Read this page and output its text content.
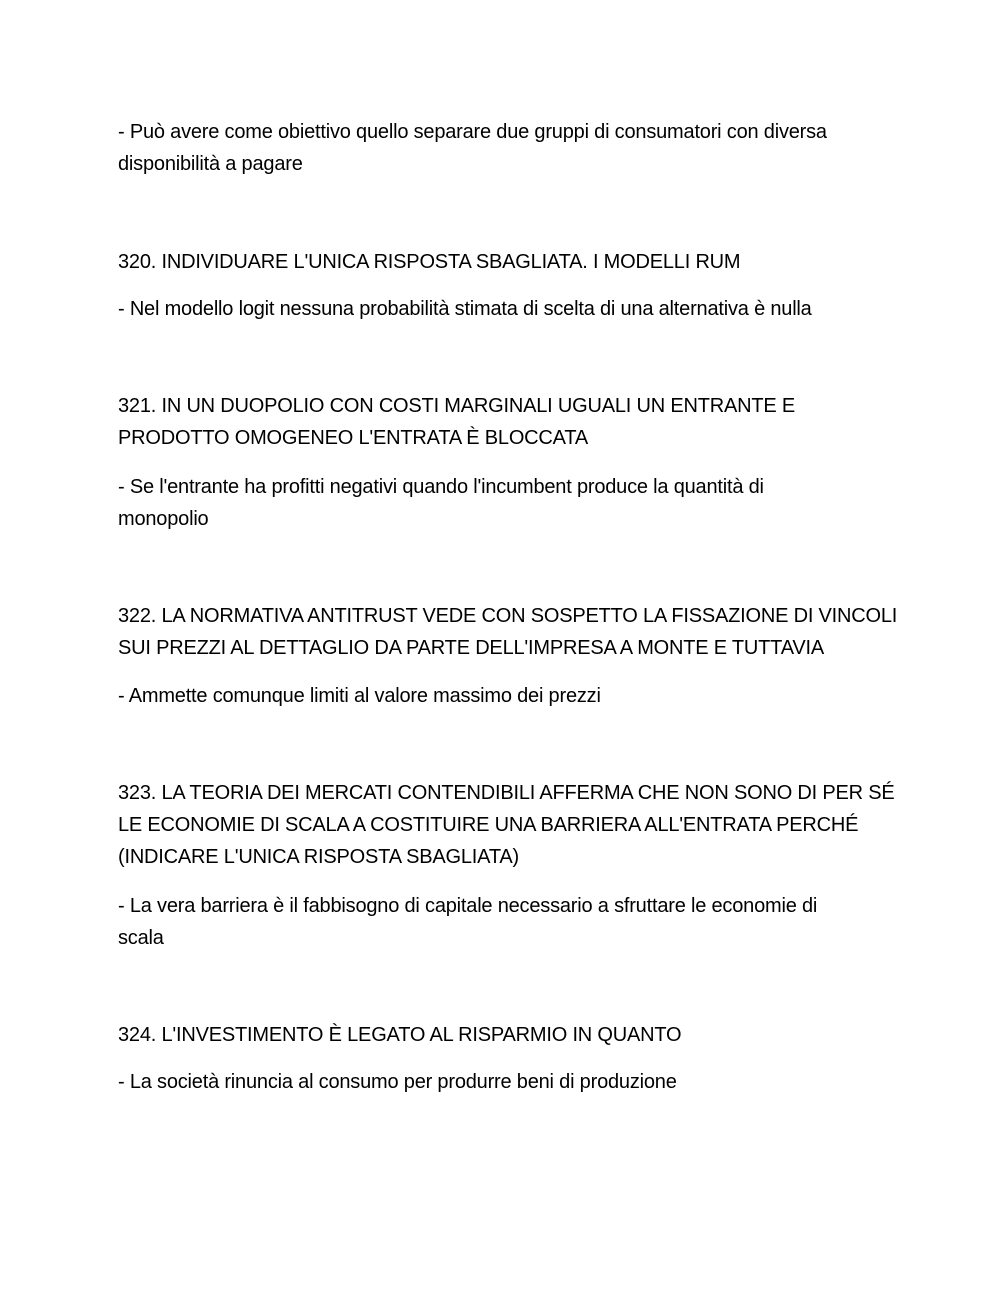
- Può avere come obiettivo quello separare due gruppi di consumatori con diversa
disponibilità a pagare
320. INDIVIDUARE L'UNICA RISPOSTA SBAGLIATA. I MODELLI RUM
- Nel modello logit nessuna probabilità stimata di scelta di una alternativa è nulla
321. IN UN DUOPOLIO CON COSTI MARGINALI UGUALI UN ENTRANTE E
PRODOTTO OMOGENEO L'ENTRATA È BLOCCATA
- Se l'entrante ha profitti negativi quando l'incumbent produce la quantità di
monopolio
322. LA NORMATIVA ANTITRUST VEDE CON SOSPETTO LA FISSAZIONE DI VINCOLI
SUI PREZZI AL DETTAGLIO DA PARTE DELL'IMPRESA A MONTE E TUTTAVIA
- Ammette comunque limiti al valore massimo dei prezzi
323. LA TEORIA DEI MERCATI CONTENDIBILI AFFERMA CHE NON SONO DI PER SÉ
LE ECONOMIE DI SCALA A COSTITUIRE UNA BARRIERA ALL'ENTRATA PERCHÉ
(INDICARE L'UNICA RISPOSTA SBAGLIATA)
- La vera barriera è il fabbisogno di capitale necessario a sfruttare le economie di
scala
324. L'INVESTIMENTO È LEGATO AL RISPARMIO IN QUANTO
- La società rinuncia al consumo per produrre beni di produzione
